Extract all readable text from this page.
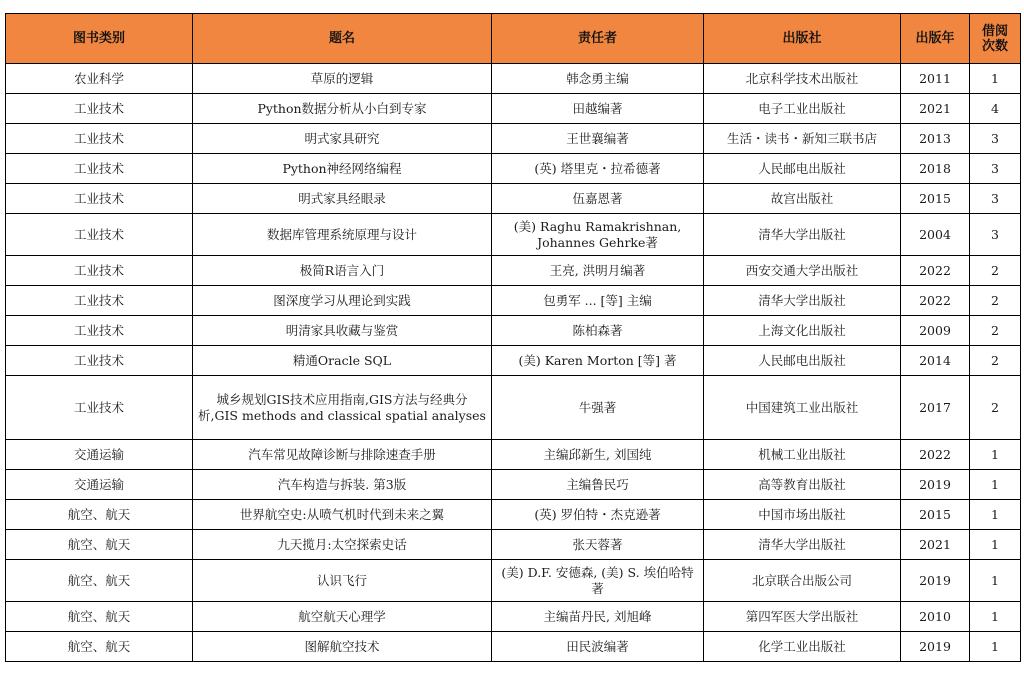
图书类别	题名	责任者	出版社	出版年	借阅
次数
农业科学	草原的逻辑	韩念勇主编	北京科学技术出版社	2011	1
工业技术	Python数据分析从小白到专家	田越编著	电子工业出版社	2021	4
工业技术	明式家具研究	王世襄编著	生活・读书・新知三联书店	2013	3
工业技术	Python神经网络编程	(英) 塔里克・拉希德著	人民邮电出版社	2018	3
工业技术	明式家具经眼录	伍嘉恩著	故宫出版社	2015	3
工业技术	数据库管理系统原理与设计	(美) Raghu Ramakrishnan, Johannes Gehrke著	清华大学出版社	2004	3
工业技术	极简R语言入门	王亮, 洪明月编著	西安交通大学出版社	2022	2
工业技术	图深度学习从理论到实践	包勇军 ... [等] 主编	清华大学出版社	2022	2
工业技术	明清家具收藏与鉴赏	陈柏森著	上海文化出版社	2009	2
工业技术	精通Oracle SQL	(美) Karen Morton [等] 著	人民邮电出版社	2014	2
工业技术	城乡规划GIS技术应用指南,GIS方法与经典分析,GIS methods and classical spatial analyses	牛强著	中国建筑工业出版社	2017	2
交通运输	汽车常见故障诊断与排除速查手册	主编邱新生, 刘国纯	机械工业出版社	2022	1
交通运输	汽车构造与拆装. 第3版	主编鲁民巧	高等教育出版社	2019	1
航空、航天	世界航空史:从喷气机时代到未来之翼	(英) 罗伯特・杰克逊著	中国市场出版社	2015	1
航空、航天	九天揽月:太空探索史话	张天蓉著	清华大学出版社	2021	1
航空、航天	认识飞行	(美) D.F. 安德森, (美) S. 埃伯哈特著	北京联合出版公司	2019	1
航空、航天	航空航天心理学	主编苗丹民, 刘旭峰	第四军医大学出版社	2010	1
航空、航天	图解航空技术	田民波编著	化学工业出版社	2019	1
